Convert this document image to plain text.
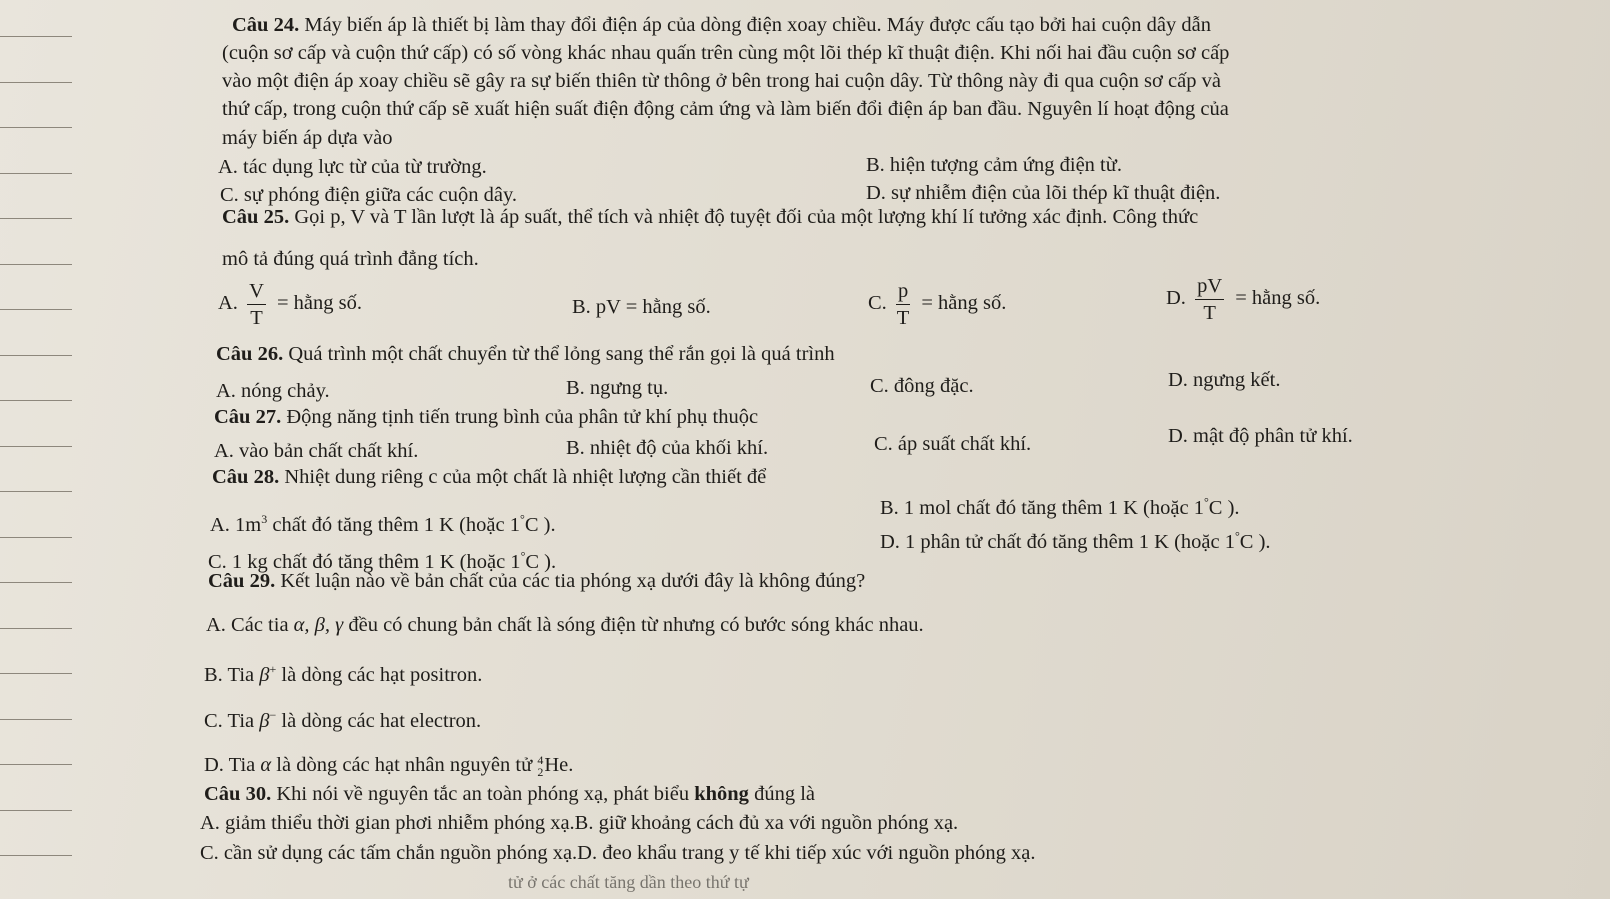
Câu 24. Máy biến áp là thiết bị làm thay đổi điện áp của dòng điện xoay chiều. Máy được cấu tạo bởi hai cuộn dây dẫn
(cuộn sơ cấp và cuộn thứ cấp) có số vòng khác nhau quấn trên cùng một lõi thép kĩ thuật điện. Khi nối hai đầu cuộn sơ cấp
vào một điện áp xoay chiều sẽ gây ra sự biến thiên từ thông ở bên trong hai cuộn dây. Từ thông này đi qua cuộn sơ cấp và
thứ cấp, trong cuộn thứ cấp sẽ xuất hiện suất điện động cảm ứng và làm biến đổi điện áp ban đầu. Nguyên lí hoạt động của
máy biến áp dựa vào
A. tác dụng lực từ của từ trường.	B. hiện tượng cảm ứng điện từ.
C. sự phóng điện giữa các cuộn dây.	D. sự nhiễm điện của lõi thép kĩ thuật điện.
Câu 25. Gọi p, V và T lần lượt là áp suất, thể tích và nhiệt độ tuyệt đối của một lượng khí lí tưởng xác định. Công thức
mô tả đúng quá trình đẳng tích.
A. $\frac{V}{T}$ = hằng số.	B. pV = hằng số.	C. $\frac{p}{T}$ = hằng số.	D. $\frac{pV}{T}$ = hằng số.
Câu 26. Quá trình một chất chuyển từ thể lỏng sang thể rắn gọi là quá trình
A. nóng chảy.	B. ngưng tụ.	C. đông đặc.	D. ngưng kết.
Câu 27. Động năng tịnh tiến trung bình của phân tử khí phụ thuộc
A. vào bản chất chất khí.	B. nhiệt độ của khối khí.	C. áp suất chất khí.	D. mật độ phân tử khí.
Câu 28. Nhiệt dung riêng c của một chất là nhiệt lượng cần thiết để
A. $1m^3$ chất đó tăng thêm 1 K (hoặc 1°C ).
B. 1 mol chất đó tăng thêm 1 K (hoặc 1°C ).
C. 1 kg chất đó tăng thêm 1 K (hoặc 1°C ).
D. 1 phân tử chất đó tăng thêm 1 K (hoặc 1°C ).
Câu 29. Kết luận nào về bản chất của các tia phóng xạ dưới đây là không đúng?
A. Các tia α, β, γ đều có chung bản chất là sóng điện từ nhưng có bước sóng khác nhau.
B. Tia β+ là dòng các hạt positron.
C. Tia β− là dòng các hat electron.
D. Tia α là dòng các hạt nhân nguyên tử 4
2 He.
Câu 30. Khi nói về nguyên tắc an toàn phóng xạ, phát biểu không đúng là
A. giảm thiểu thời gian phơi nhiễm phóng xạ.B. giữ khoảng cách đủ xa với nguồn phóng xạ.
C. cần sử dụng các tấm chắn nguồn phóng xạ.D. đeo khẩu trang y tế khi tiếp xúc với nguồn phóng xạ.
tử ở các chất tăng dần theo thứ tự
